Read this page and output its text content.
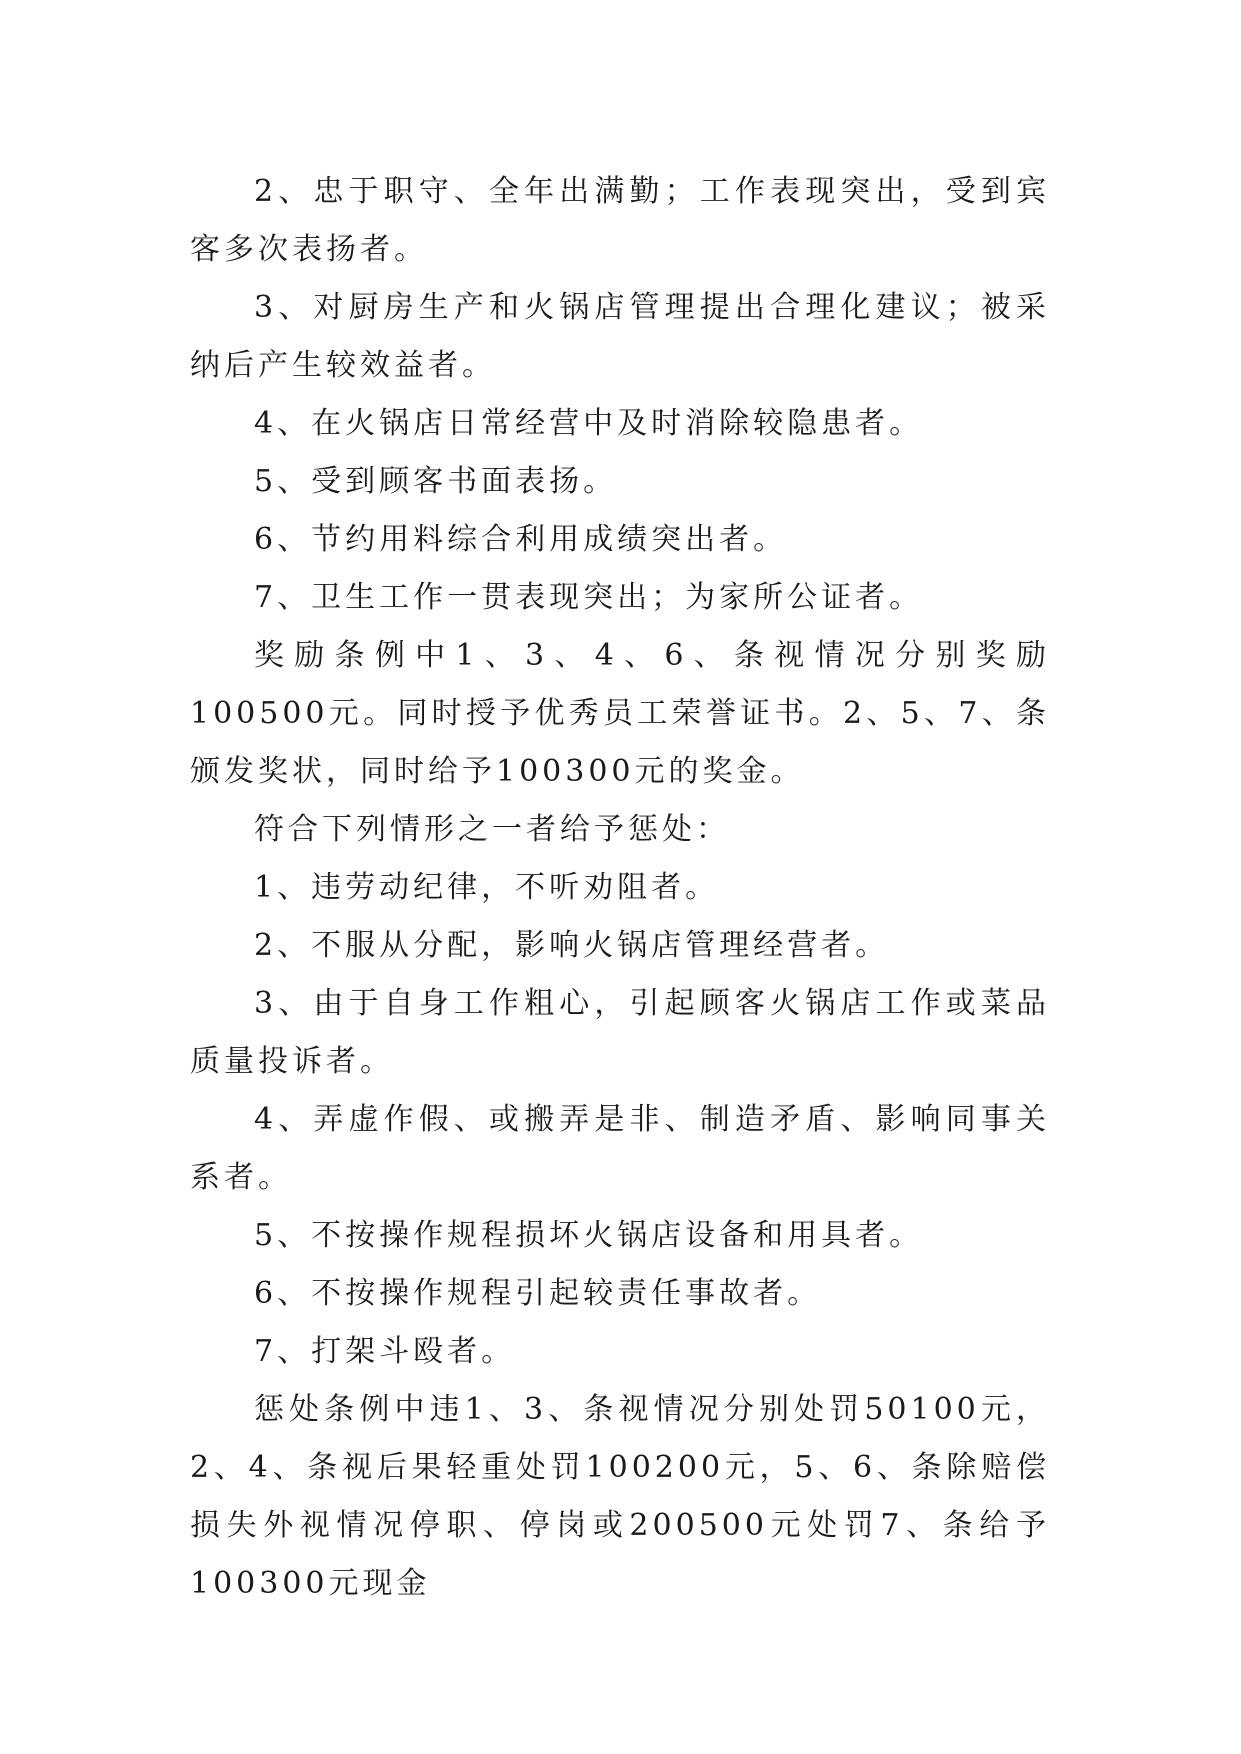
2、忠于职守、全年出满勤；工作表现突出，受到宾客多次表扬者。

3、对厨房生产和火锅店管理提出合理化建议；被采纳后产生较效益者。

4、在火锅店日常经营中及时消除较隐患者。

5、受到顾客书面表扬。

6、节约用料综合利用成绩突出者。

7、卫生工作一贯表现突出；为家所公证者。

奖励条例中1、3、4、6、条视情况分别奖励100500元。同时授予优秀员工荣誉证书。2、5、7、条颁发奖状，同时给予100300元的奖金。

符合下列情形之一者给予惩处：

1、违劳动纪律，不听劝阻者。

2、不服从分配，影响火锅店管理经营者。

3、由于自身工作粗心，引起顾客火锅店工作或菜品质量投诉者。

4、弄虚作假、或搬弄是非、制造矛盾、影响同事关系者。

5、不按操作规程损坏火锅店设备和用具者。

6、不按操作规程引起较责任事故者。

7、打架斗殴者。

惩处条例中违1、3、条视情况分别处罚50100元，2、4、条视后果轻重处罚100200元，5、6、条除赔偿损失外视情况停职、停岗或200500元处罚7、条给予100300元现金
